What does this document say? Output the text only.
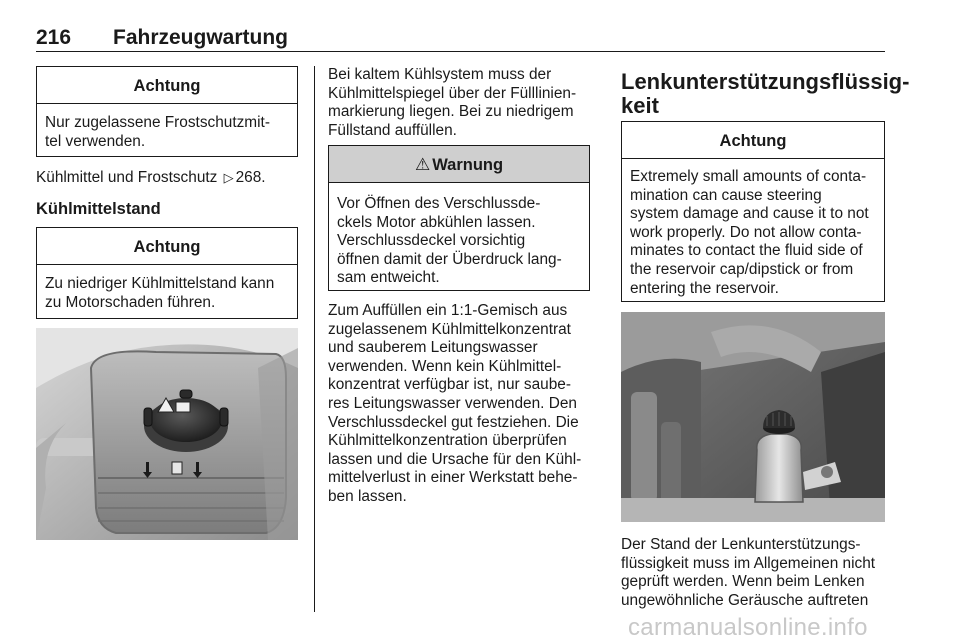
216 Fahrzeugwartung
Achtung
Nur zugelassene Frostschutzmit-
tel verwenden.
Kühlmittel und Frostschutz ▷ 268.
Kühlmittelstand
Achtung
Zu niedriger Kühlmittelstand kann
zu Motorschaden führen.
Bei kaltem Kühlsystem muss der
Kühlmittelspiegel über der Fülllinien-
markierung liegen. Bei zu niedrigem
Füllstand auffüllen.
⚠ Warnung
Vor Öffnen des Verschlussde-
ckels Motor abkühlen lassen.
Verschlussdeckel vorsichtig
öffnen damit der Überdruck lang-
sam entweicht.
Zum Auffüllen ein 1:1-Gemisch aus
zugelassenem Kühlmittelkonzentrat
und sauberem Leitungswasser
verwenden. Wenn kein Kühlmittel-
konzentrat verfügbar ist, nur saube-
res Leitungswasser verwenden. Den
Verschlussdeckel gut festziehen. Die
Kühlmittelkonzentration überprüfen
lassen und die Ursache für den Kühl-
mittelverlust in einer Werkstatt behe-
ben lassen.
Lenkunterstützungsflüssig-
keit
Achtung
Extremely small amounts of conta-
mination can cause steering
system damage and cause it to not
work properly. Do not allow conta-
minates to contact the fluid side of
the reservoir cap/dipstick or from
entering the reservoir.
Der Stand der Lenkunterstützungs-
flüssigkeit muss im Allgemeinen nicht
geprüft werden. Wenn beim Lenken
ungewöhnliche Geräusche auftreten
carmanualsonline.info
